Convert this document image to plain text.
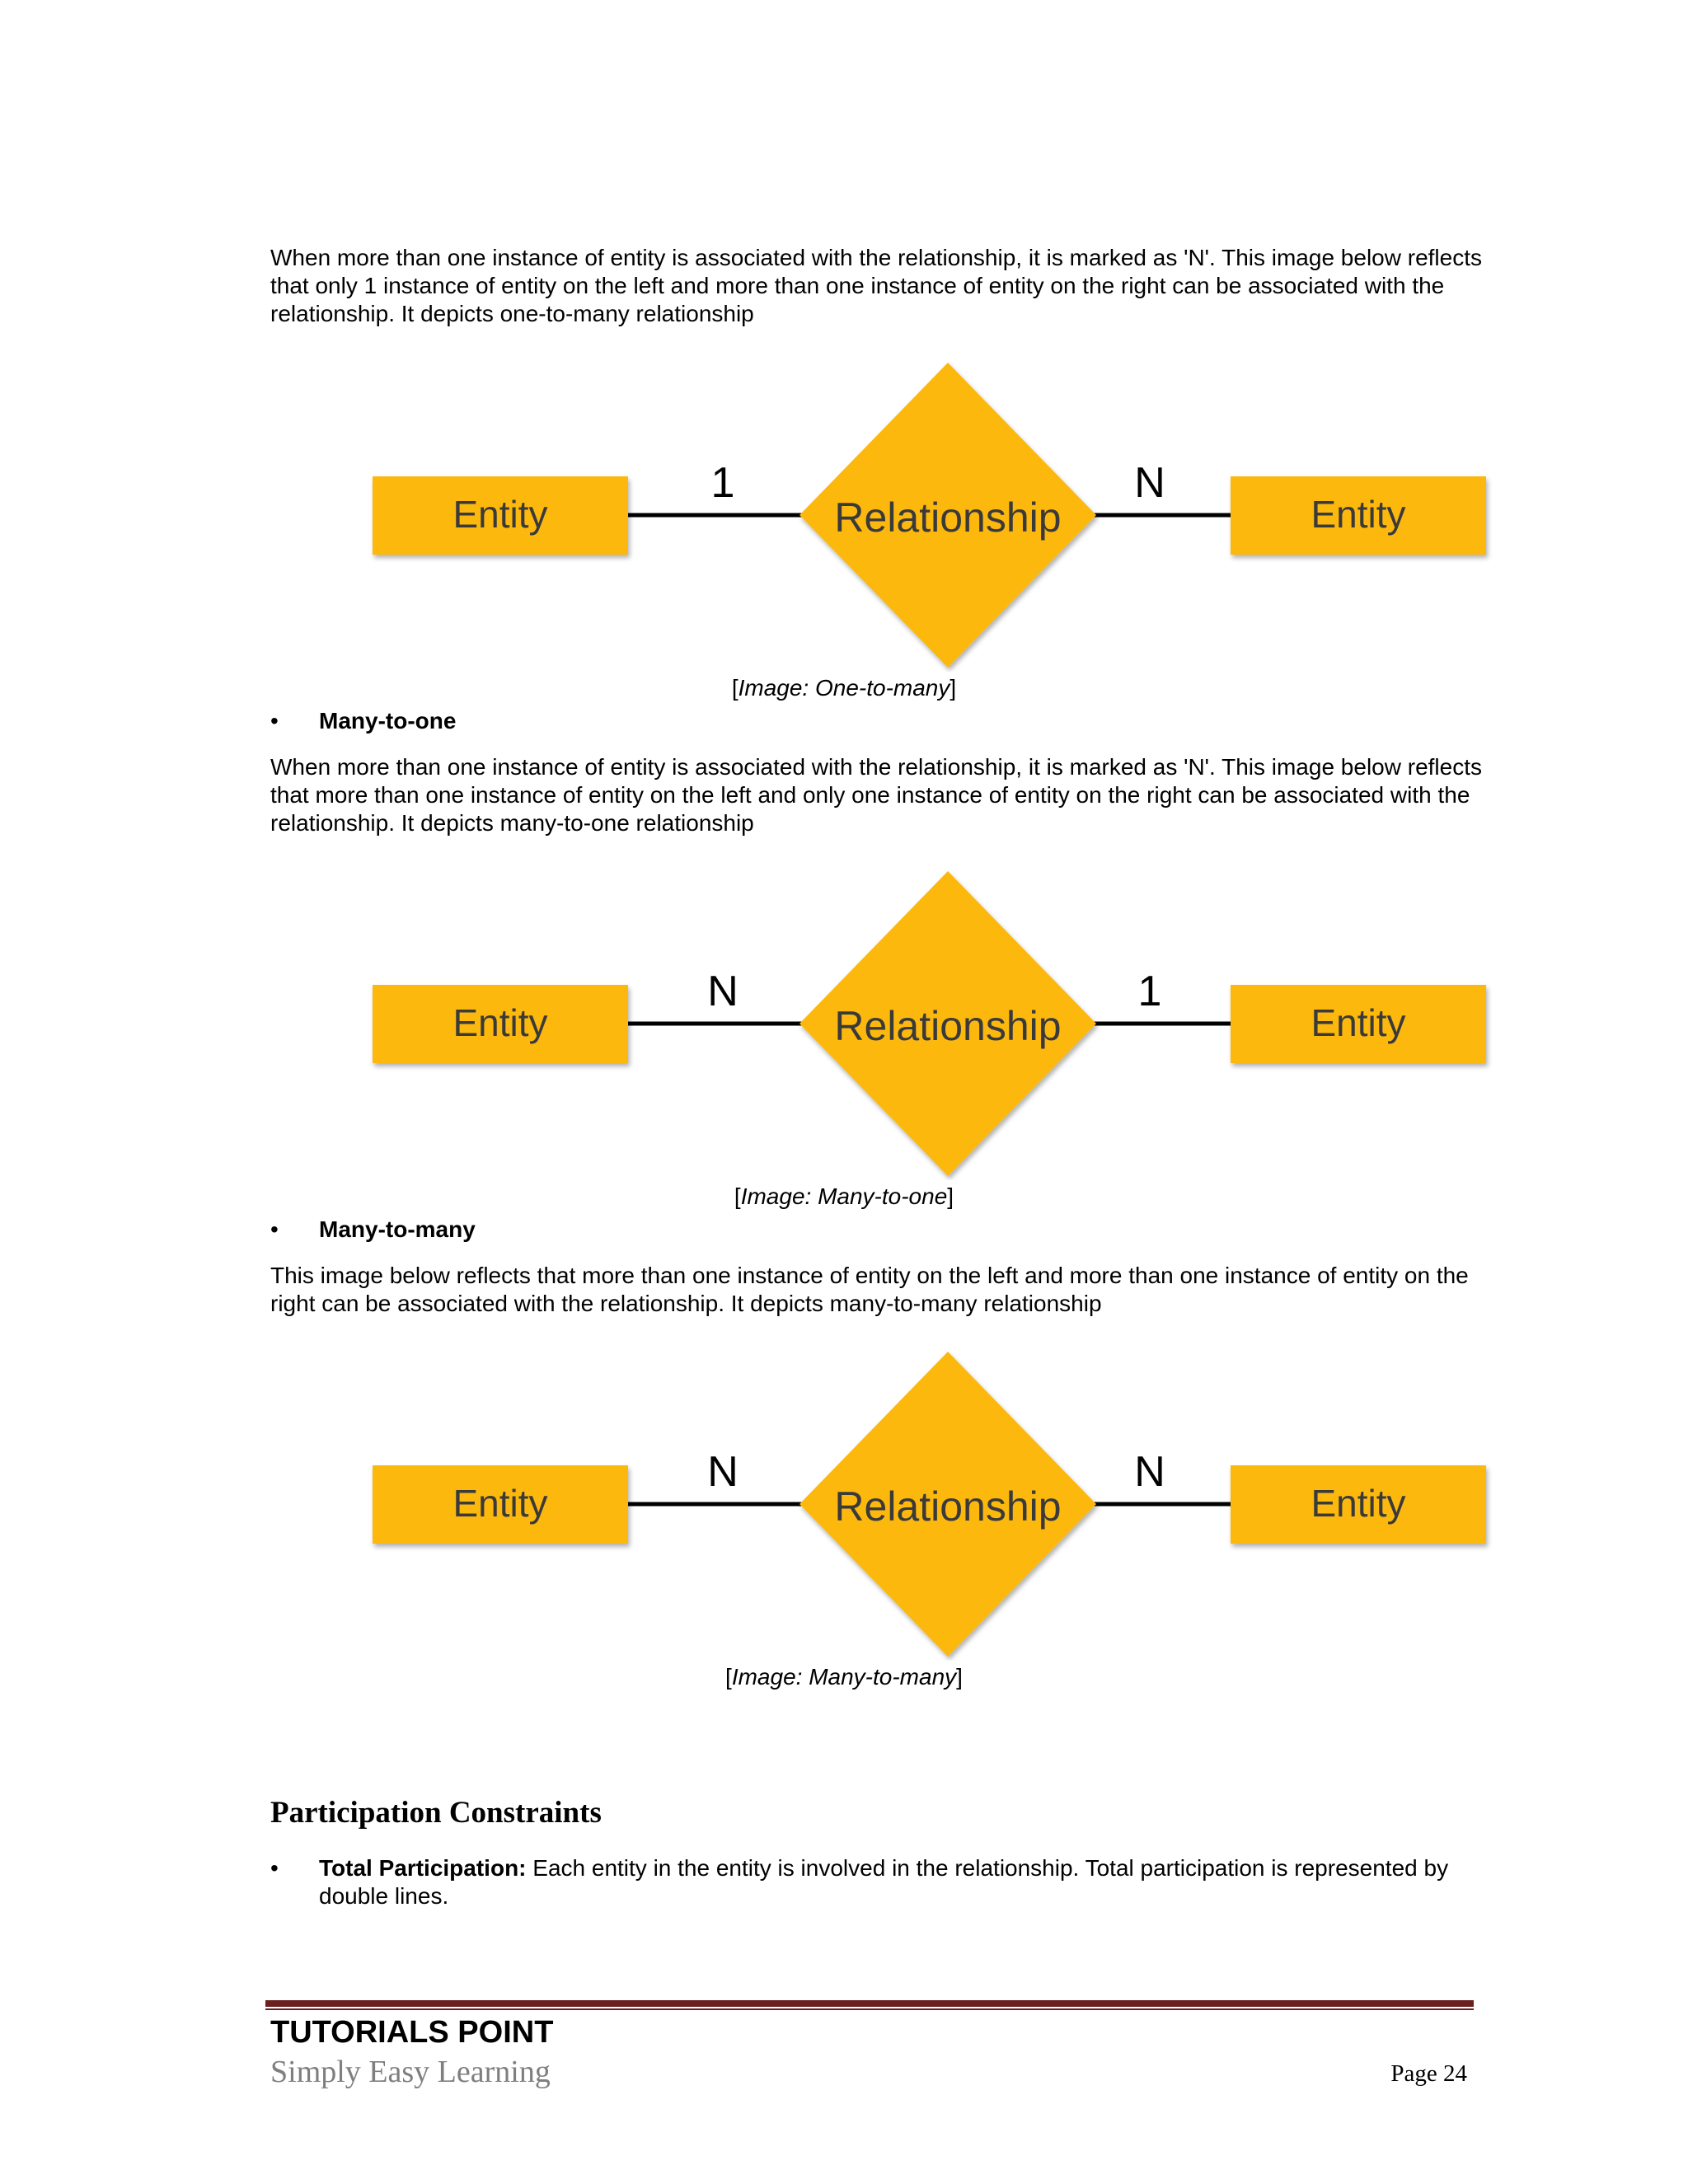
When more than one instance of entity is associated with the relationship, it is marked as 'N'. This image below reflects that only 1 instance of entity on the left and more than one instance of entity on the right can be associated with the relationship. It depicts one-to-many relationship

Entity	Entity
Relationship
1	N
[Image: One-to-many]
• Many-to-one

When more than one instance of entity is associated with the relationship, it is marked as 'N'. This image below reflects that more than one instance of entity on the left and only one instance of entity on the right can be associated with the relationship. It depicts many-to-one relationship

Entity	Entity
Relationship
N	1
[Image: Many-to-one]
• Many-to-many

This image below reflects that more than one instance of entity on the left and more than one instance of entity on the right can be associated with the relationship. It depicts many-to-many relationship

Entity	Entity
Relationship
N	N
[Image: Many-to-many]
Participation Constraints
• Total Participation: Each entity in the entity is involved in the relationship. Total participation is represented by double lines.
TUTORIALS POINT
Simply Easy Learning	Page 24
